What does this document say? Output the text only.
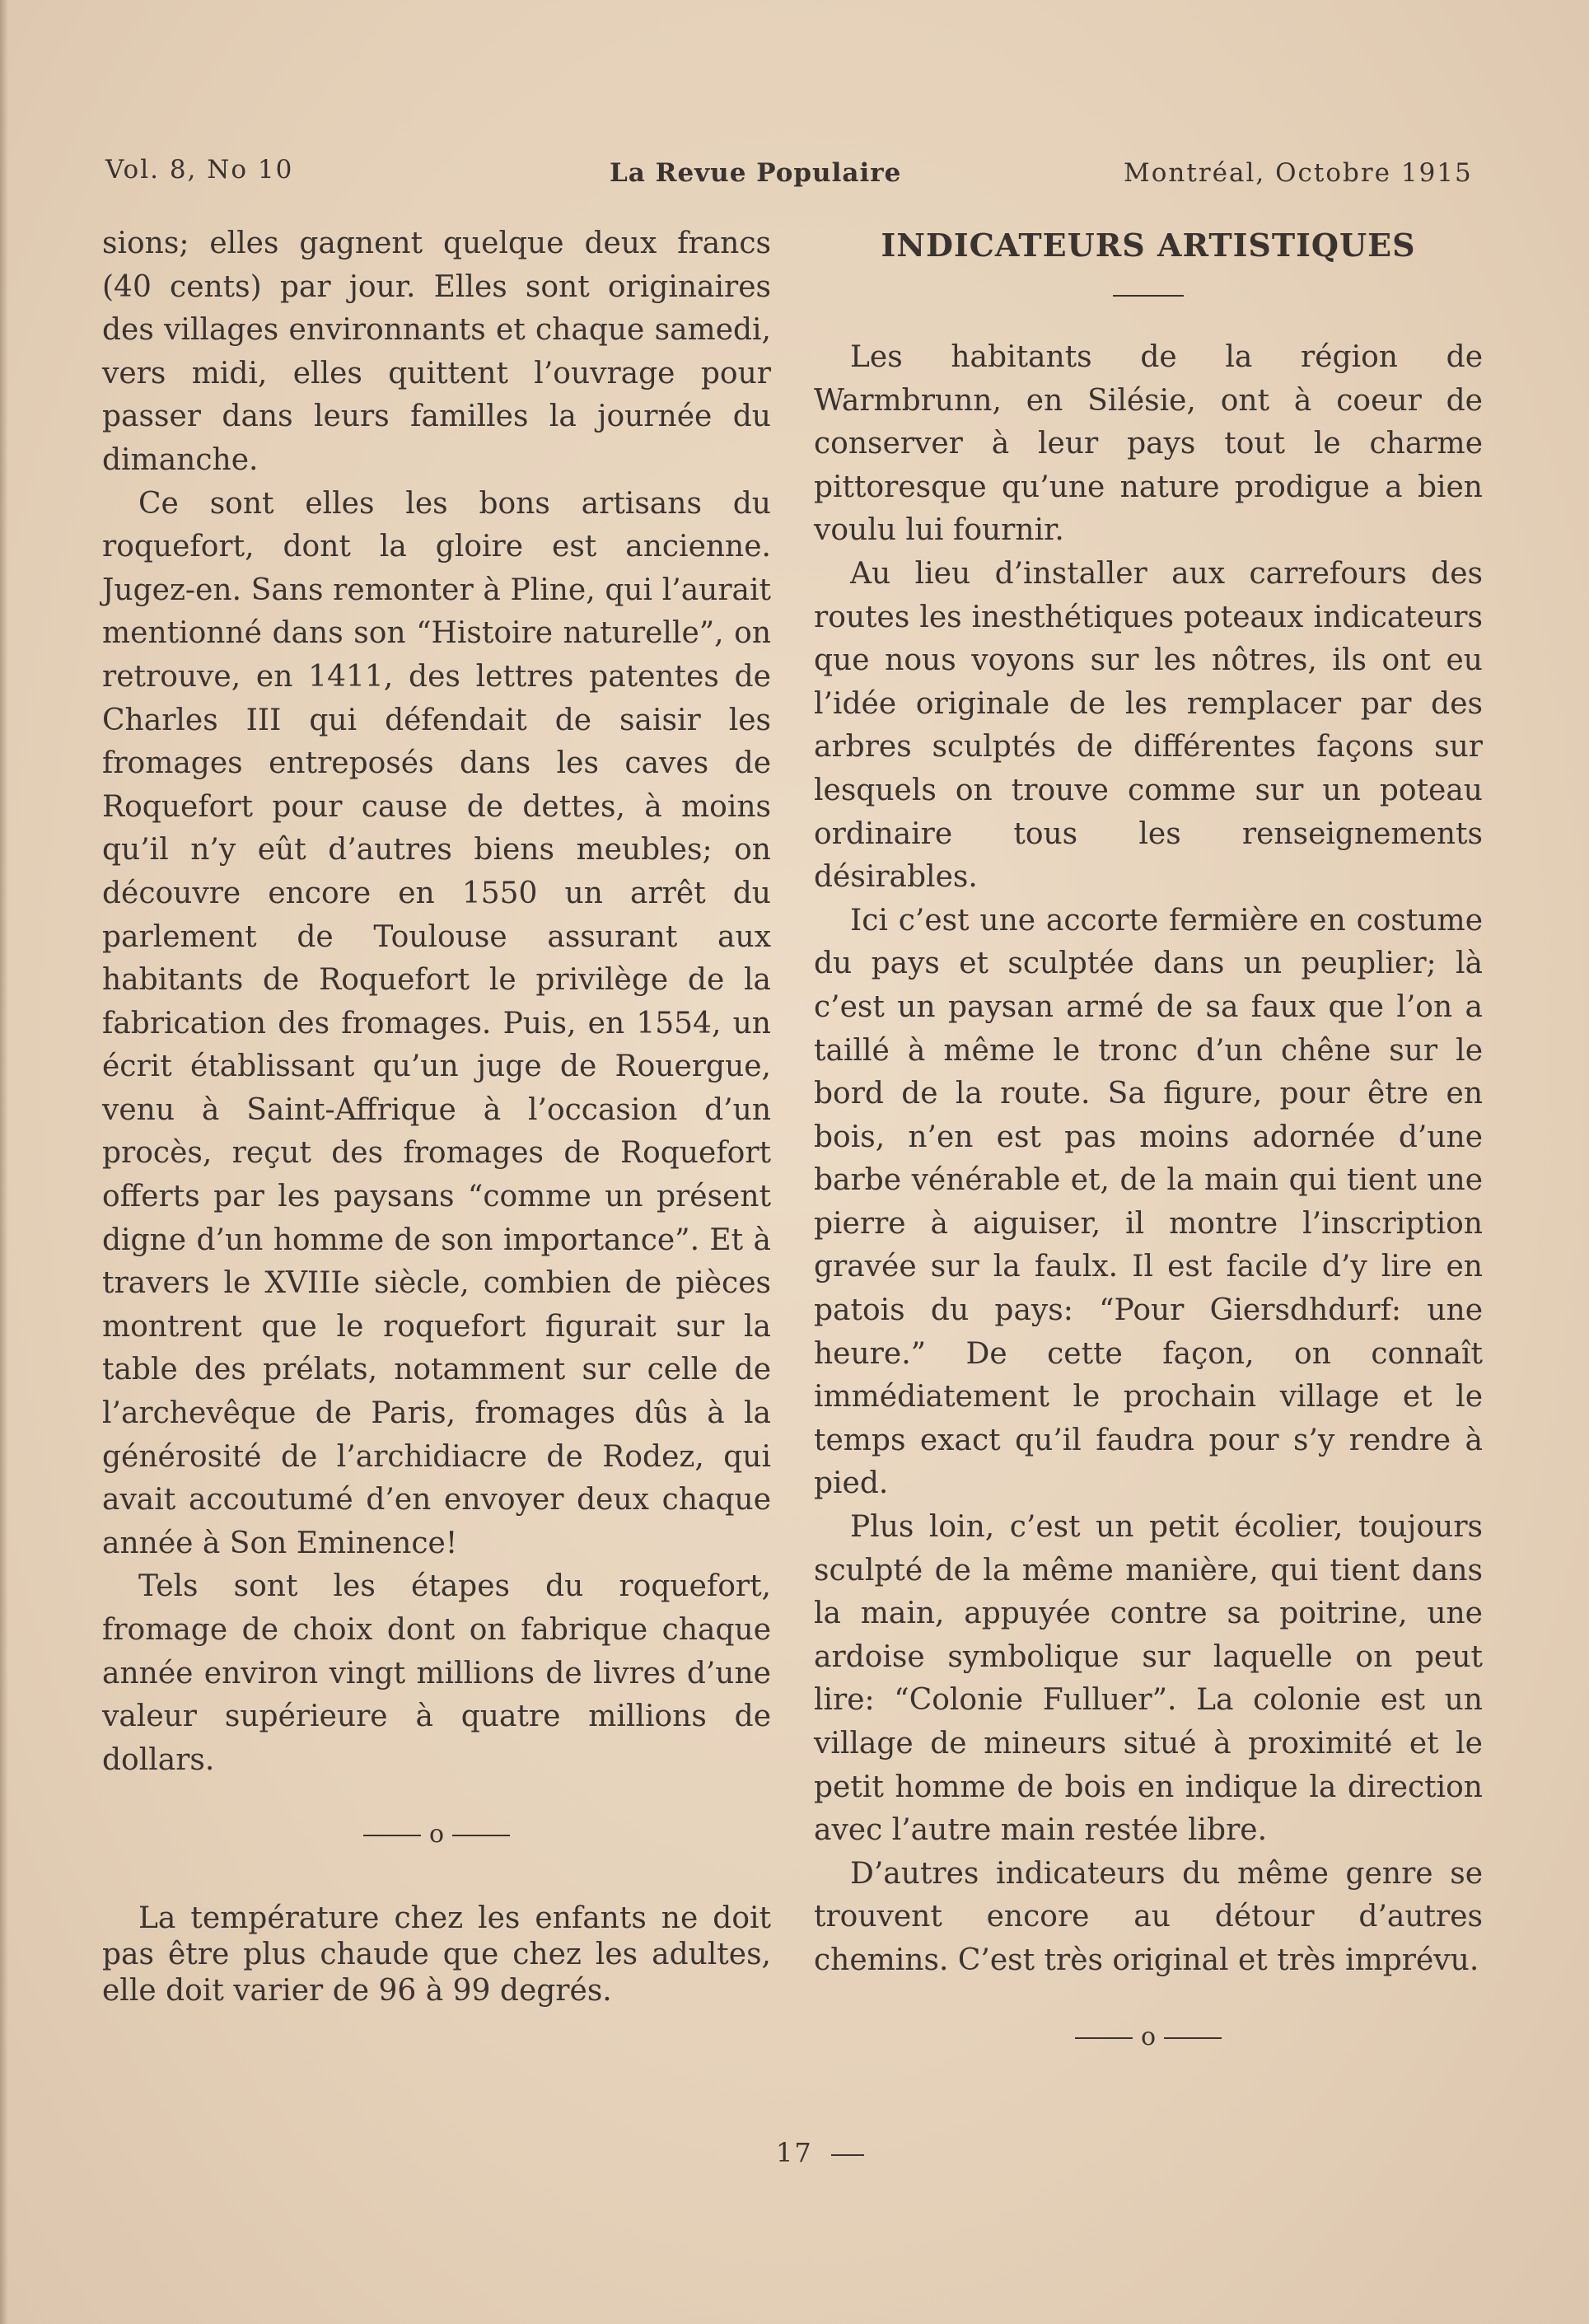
Vol. 8, No 10	La Revue Populaire	Montréal, Octobre 1915

sions; elles gagnent quelque deux francs (40 cents) par jour. Elles sont originaires des villages environnants et chaque samedi, vers midi, elles quittent l’ouvrage pour passer dans leurs familles la journée du dimanche.

Ce sont elles les bons artisans du roquefort, dont la gloire est ancienne. Jugez-en. Sans remonter à Pline, qui l’aurait mentionné dans son “Histoire naturelle”, on retrouve, en 1411, des lettres patentes de Charles III qui défendait de saisir les fromages entreposés dans les caves de Roquefort pour cause de dettes, à moins qu’il n’y eût d’autres biens meubles; on découvre encore en 1550 un arrêt du parlement de Toulouse assurant aux habitants de Roquefort le privilège de la fabrication des fromages. Puis, en 1554, un écrit établissant qu’un juge de Rouergue, venu à Saint-Affrique à l’occasion d’un procès, reçut des fromages de Roquefort offerts par les paysans “comme un présent digne d’un homme de son importance”. Et à travers le XVIIIe siècle, combien de pièces montrent que le roquefort figurait sur la table des prélats, notamment sur celle de l’archevêque de Paris, fromages dûs à la générosité de l’archidiacre de Rodez, qui avait accoutumé d’en envoyer deux chaque année à Son Eminence!

Tels sont les étapes du roquefort, fromage de choix dont on fabrique chaque année environ vingt millions de livres d’une valeur supérieure à quatre millions de dollars.

o

La température chez les enfants ne doit pas être plus chaude que chez les adultes, elle doit varier de 96 à 99 degrés.

INDICATEURS ARTISTIQUES

Les habitants de la région de Warmbrunn, en Silésie, ont à coeur de conserver à leur pays tout le charme pittoresque qu’une nature prodigue a bien voulu lui fournir.

Au lieu d’installer aux carrefours des routes les inesthétiques poteaux indicateurs que nous voyons sur les nôtres, ils ont eu l’idée originale de les remplacer par des arbres sculptés de différentes façons sur lesquels on trouve comme sur un poteau ordinaire tous les renseignements désirables.

Ici c’est une accorte fermière en costume du pays et sculptée dans un peuplier; là c’est un paysan armé de sa faux que l’on a taillé à même le tronc d’un chêne sur le bord de la route. Sa figure, pour être en bois, n’en est pas moins adornée d’une barbe vénérable et, de la main qui tient une pierre à aiguiser, il montre l’inscription gravée sur la faulx. Il est facile d’y lire en patois du pays: “Pour Giersdhdurf: une heure.” De cette façon, on connaît immédiatement le prochain village et le temps exact qu’il faudra pour s’y rendre à pied.

Plus loin, c’est un petit écolier, toujours sculpté de la même manière, qui tient dans la main, appuyée contre sa poitrine, une ardoise symbolique sur laquelle on peut lire: “Colonie Fulluer”. La colonie est un village de mineurs situé à proximité et le petit homme de bois en indique la direction avec l’autre main restée libre.

D’autres indicateurs du même genre se trouvent encore au détour d’autres chemins. C’est très original et très imprévu.

o
17
